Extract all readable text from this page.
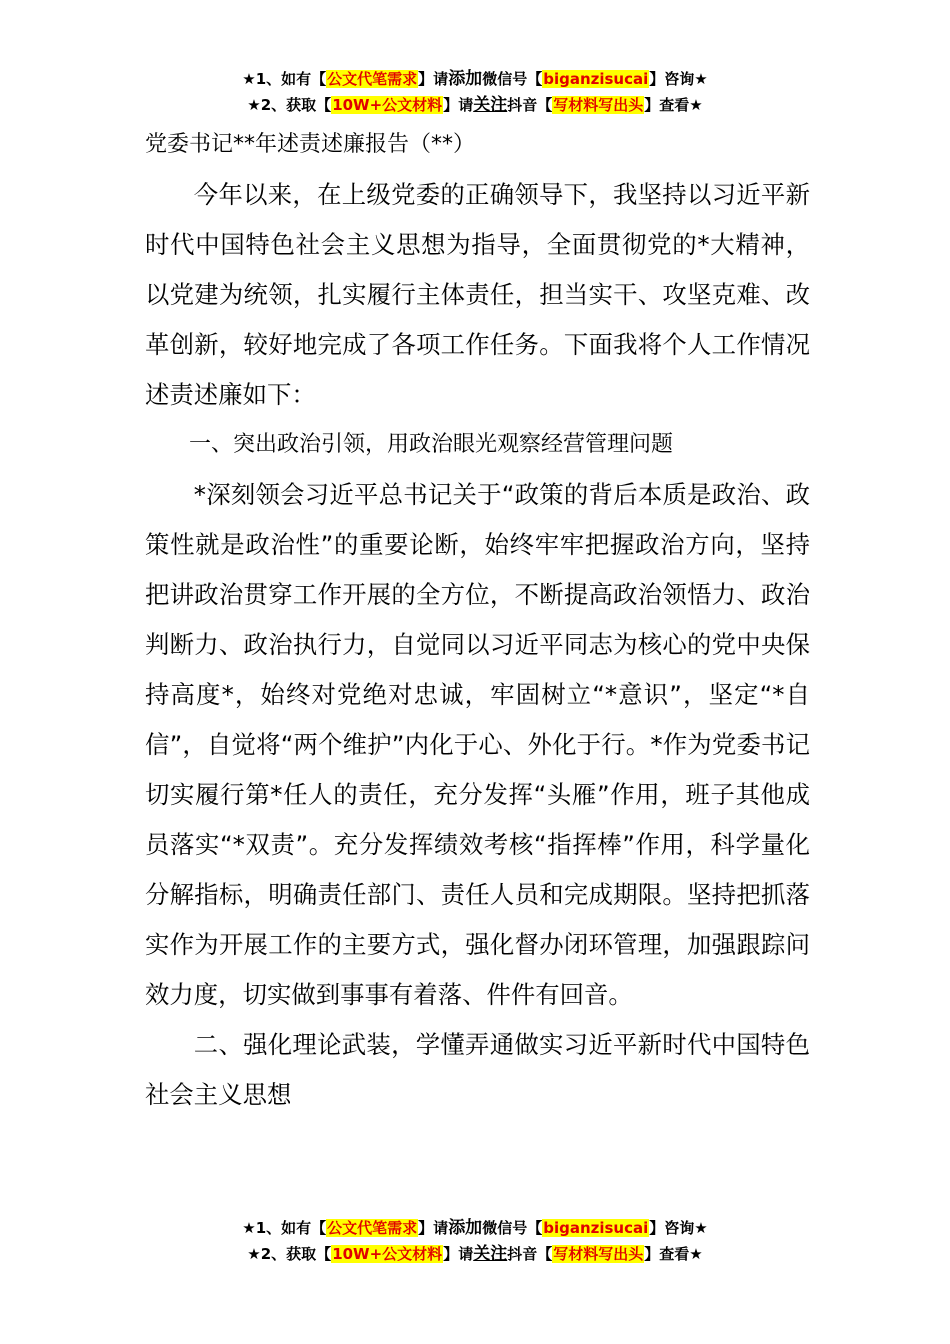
★1、如有【公文代笔需求】请添加微信号【biganzisucai】咨询★
★2、获取【10W+公文材料】请关注抖音【写材料写出头】查看★
党委书记**年述责述廉报告（**）

今年以来，在上级党委的正确领导下，我坚持以习近平新时代中国特色社会主义思想为指导，全面贯彻党的*大精神，以党建为统领，扎实履行主体责任，担当实干、攻坚克难、改革创新，较好地完成了各项工作任务。下面我将个人工作情况述责述廉如下：

一、突出政治引领，用政治眼光观察经营管理问题

*深刻领会习近平总书记关于“政策的背后本质是政治、政策性就是政治性”的重要论断，始终牢牢把握政治方向，坚持把讲政治贯穿工作开展的全方位，不断提高政治领悟力、政治判断力、政治执行力，自觉同以习近平同志为核心的党中央保持高度*，始终对党绝对忠诚，牢固树立“*意识”，坚定“*自信”，自觉将“两个维护”内化于心、外化于行。*作为党委书记切实履行第*任人的责任，充分发挥“头雁”作用，班子其他成员落实“*双责”。充分发挥绩效考核“指挥棒”作用，科学量化分解指标，明确责任部门、责任人员和完成期限。坚持把抓落实作为开展工作的主要方式，强化督办闭环管理，加强跟踪问效力度，切实做到事事有着落、件件有回音。

二、强化理论武装，学懂弄通做实习近平新时代中国特色社会主义思想

★1、如有【公文代笔需求】请添加微信号【biganzisucai】咨询★
★2、获取【10W+公文材料】请关注抖音【写材料写出头】查看★
